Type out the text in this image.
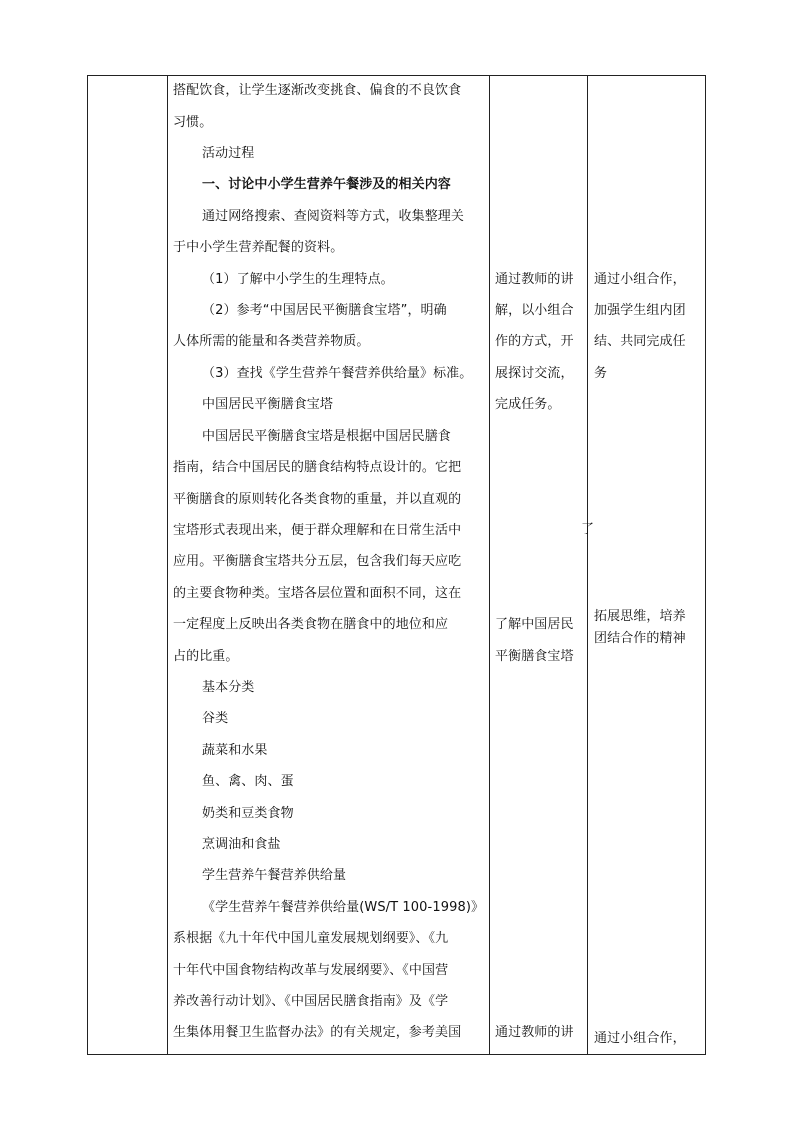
搭配饮食，让学生逐渐改变挑食、偏食的不良饮食
习惯。
活动过程
一、讨论中小学生营养午餐涉及的相关内容
通过网络搜索、查阅资料等方式，收集整理关
于中小学生营养配餐的资料。
（1）了解中小学生的生理特点。
（2）参考“中国居民平衡膳食宝塔”，明确
人体所需的能量和各类营养物质。
（3）查找《学生营养午餐营养供给量》标准。
中国居民平衡膳食宝塔
中国居民平衡膳食宝塔是根据中国居民膳食
指南，结合中国居民的膳食结构特点设计的。它把
平衡膳食的原则转化各类食物的重量，并以直观的
宝塔形式表现出来，便于群众理解和在日常生活中
应用。平衡膳食宝塔共分五层，包含我们每天应吃
的主要食物种类。宝塔各层位置和面积不同，这在
一定程度上反映出各类食物在膳食中的地位和应
占的比重。
基本分类
谷类
蔬菜和水果
鱼、禽、肉、蛋
奶类和豆类食物
烹调油和食盐
学生营养午餐营养供给量
《学生营养午餐营养供给量(WS/T 100-1998)》
系根据《九十年代中国儿童发展规划纲要》、《九
十年代中国食物结构改革与发展纲要》、《中国营
养改善行动计划》、《中国居民膳食指南》及《学
生集体用餐卫生监督办法》的有关规定，参考美国
通过教师的讲
解，以小组合
作的方式，开
展探讨交流，
完成任务。
了解中国居民
平衡膳食宝塔
通过教师的讲
了
通过小组合作，
加强学生组内团
结、共同完成任
务
拓展思维，培养
团结合作的精神
通过小组合作，
